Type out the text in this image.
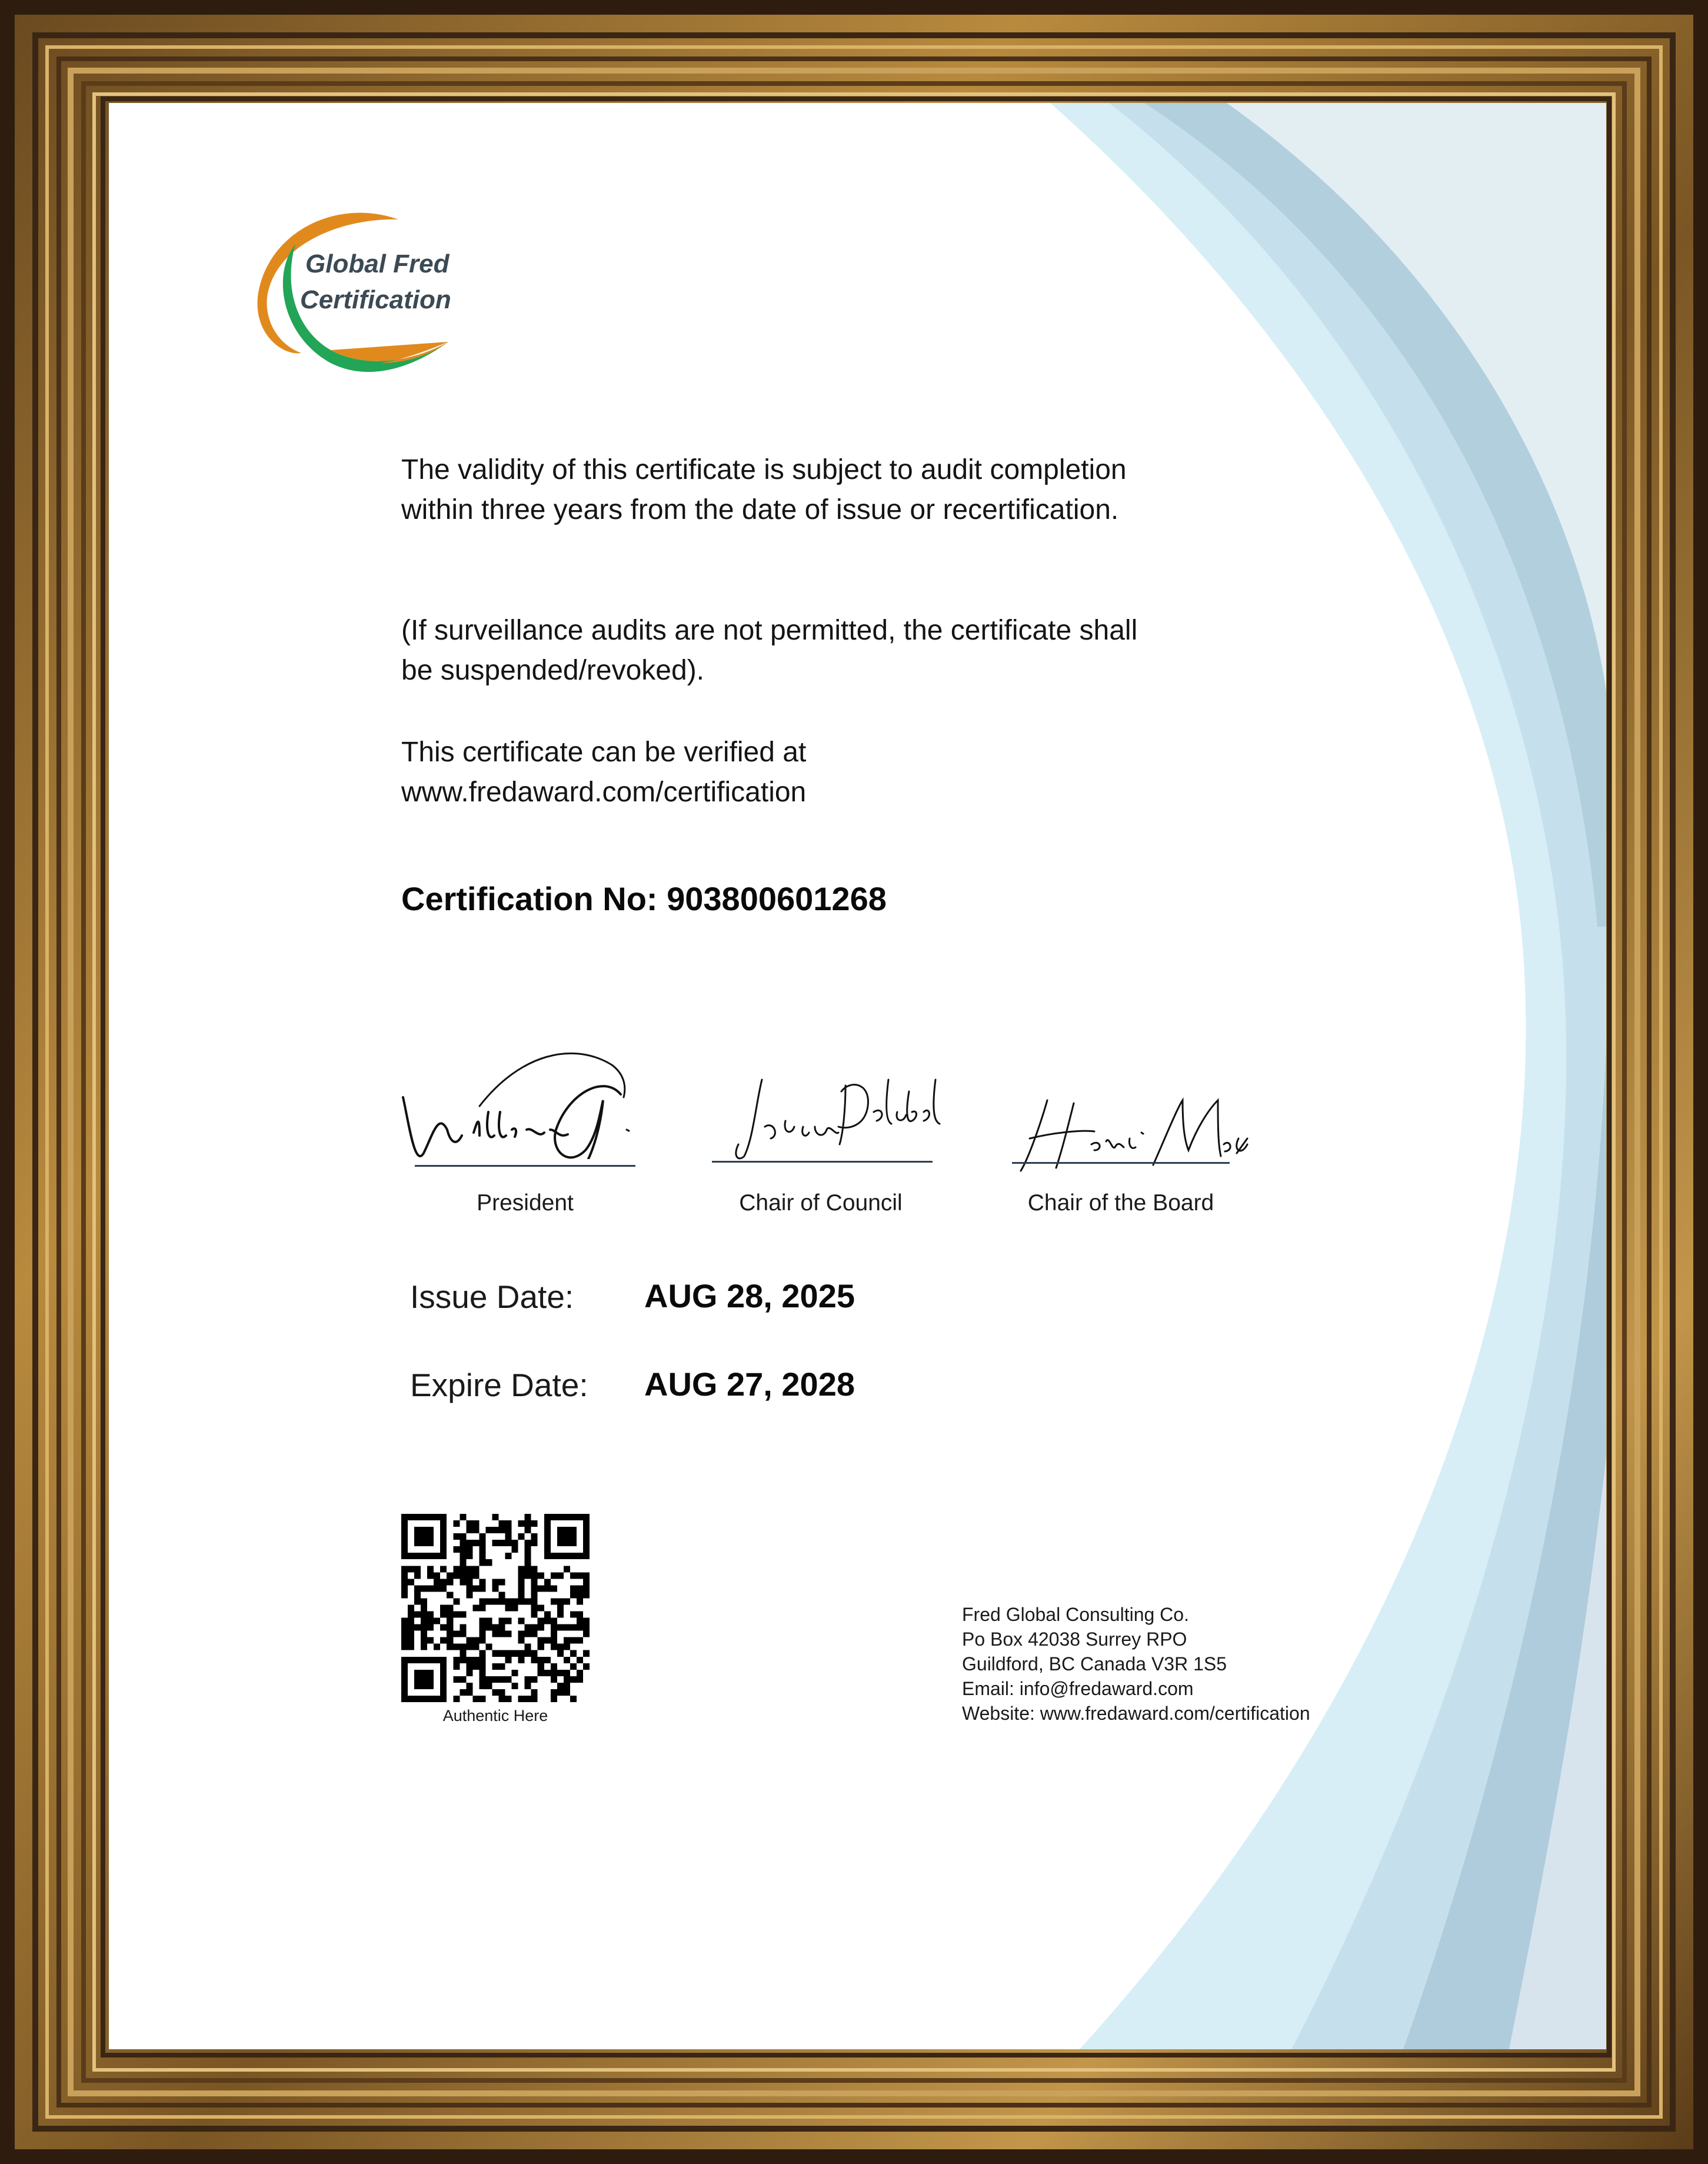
Global Fred
Certification
The validity of this certificate is subject to audit completion within three years from the date of issue or recertification.
(If surveillance audits are not permitted, the certificate shall be suspended/revoked).
This certificate can be verified at
www.fredaward.com/certification
Certification No: 903800601268
President	Chair of Council	Chair of the Board
Issue Date: AUG 28, 2025
Expire Date: AUG 27, 2028
Authentic Here
Fred Global Consulting Co.
Po Box 42038 Surrey RPO
Guildford, BC Canada V3R 1S5
Email: info@fredaward.com
Website: www.fredaward.com/certification
